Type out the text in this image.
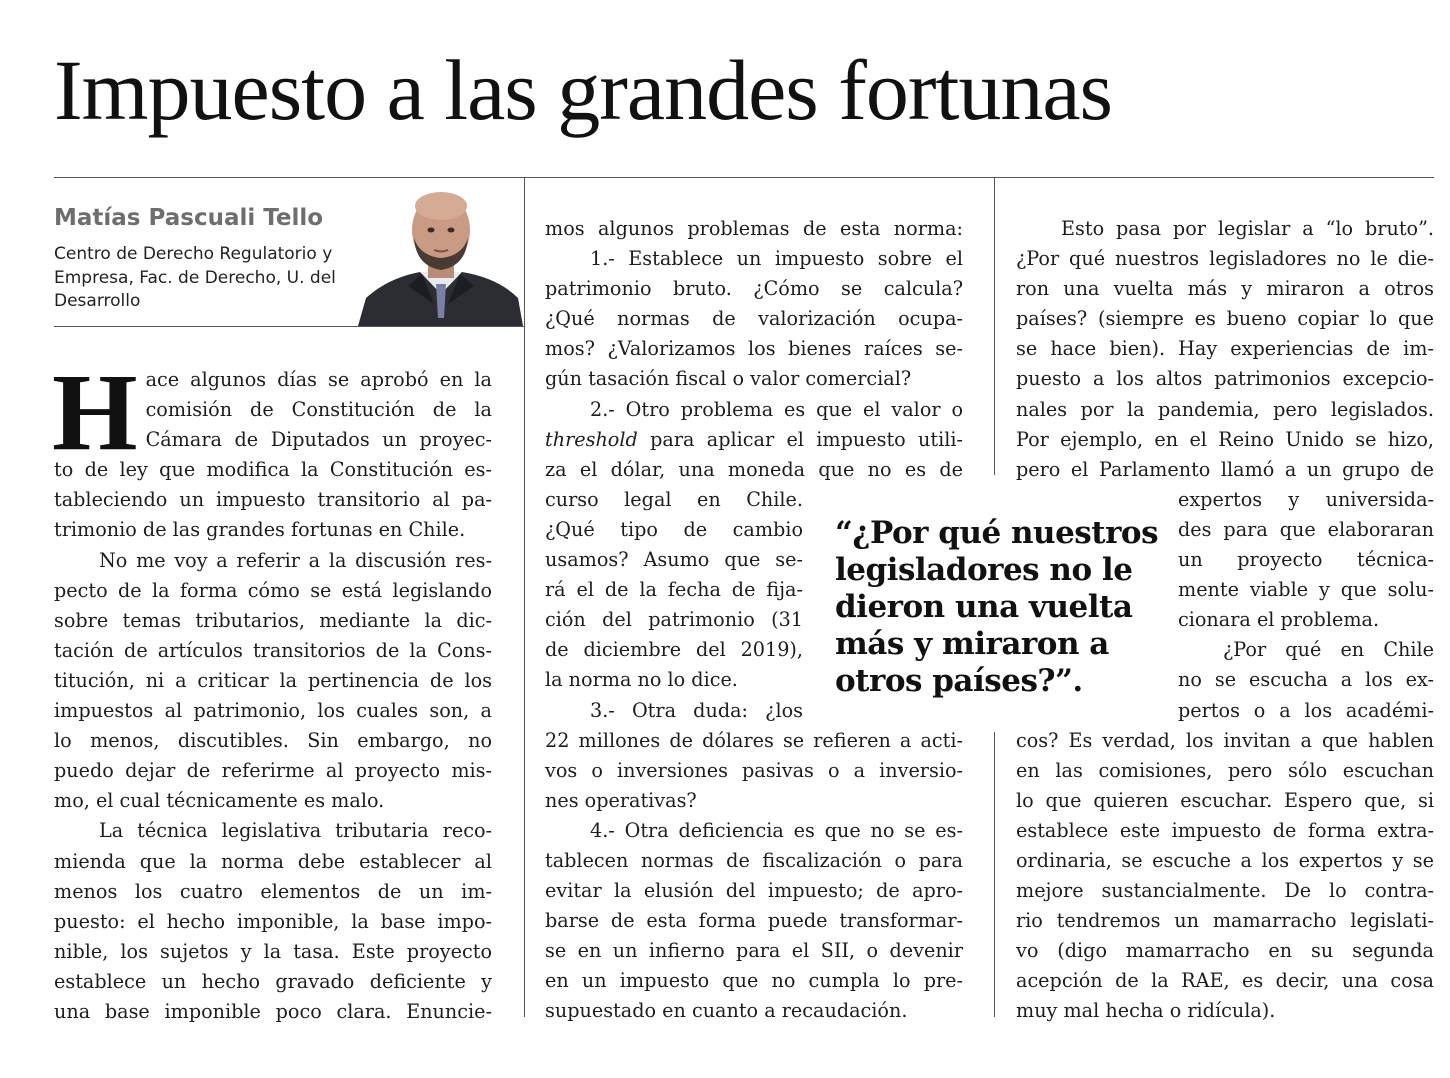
Impuesto a las grandes fortunas
Matías Pascuali Tello
Centro de Derecho Regulatorio y
Empresa, Fac. de Derecho, U. del
Desarrollo

H ace algunos días se aprobó en la
comisión de Constitución de la
Cámara de Diputados un proyec-
to de ley que modifica la Constitución es-
tableciendo un impuesto transitorio al pa-
trimonio de las grandes fortunas en Chile.

No me voy a referir a la discusión res-
pecto de la forma cómo se está legislando
sobre temas tributarios, mediante la dic-
tación de artículos transitorios de la Cons-
titución, ni a criticar la pertinencia de los
impuestos al patrimonio, los cuales son, a
lo menos, discutibles. Sin embargo, no
puedo dejar de referirme al proyecto mis-
mo, el cual técnicamente es malo.

La técnica legislativa tributaria reco-
mienda que la norma debe establecer al
menos los cuatro elementos de un im-
puesto: el hecho imponible, la base impo-
nible, los sujetos y la tasa. Este proyecto
establece un hecho gravado deficiente y
una base imponible poco clara. Enuncie-

mos algunos problemas de esta norma:

1.- Establece un impuesto sobre el
patrimonio bruto. ¿Cómo se calcula?
¿Qué normas de valorización ocupa-
mos? ¿Valorizamos los bienes raíces se-
gún tasación fiscal o valor comercial?

2.- Otro problema es que el valor o
threshold para aplicar el impuesto utili-
za el dólar, una moneda que no es de
curso legal en Chile.
¿Qué tipo de cambio
usamos? Asumo que se-
rá el de la fecha de fija-
ción del patrimonio (31
de diciembre del 2019),
la norma no lo dice.

3.- Otra duda: ¿los
22 millones de dólares se refieren a acti-
vos o inversiones pasivas o a inversio-
nes operativas?

4.- Otra deficiencia es que no se es-
tablecen normas de fiscalización o para
evitar la elusión del impuesto; de apro-
barse de esta forma puede transformar-
se en un infierno para el SII, o devenir
en un impuesto que no cumpla lo pre-
supuestado en cuanto a recaudación.

“¿Por qué nuestros legisladores no le dieron una vuelta más y miraron a otros países?”.

Esto pasa por legislar a “lo bruto”.
¿Por qué nuestros legisladores no le die-
ron una vuelta más y miraron a otros
países? (siempre es bueno copiar lo que
se hace bien). Hay experiencias de im-
puesto a los altos patrimonios excepcio-
nales por la pandemia, pero legislados.
Por ejemplo, en el Reino Unido se hizo,
pero el Parlamento llamó a un grupo de
expertos y universida-
des para que elaboraran
un proyecto técnica-
mente viable y que solu-
cionara el problema.

¿Por qué en Chile
no se escucha a los ex-
pertos o a los académi-
cos? Es verdad, los invitan a que hablen
en las comisiones, pero sólo escuchan
lo que quieren escuchar. Espero que, si
establece este impuesto de forma extra-
ordinaria, se escuche a los expertos y se
mejore sustancialmente. De lo contra-
rio tendremos un mamarracho legislati-
vo (digo mamarracho en su segunda
acepción de la RAE, es decir, una cosa
muy mal hecha o ridícula).
